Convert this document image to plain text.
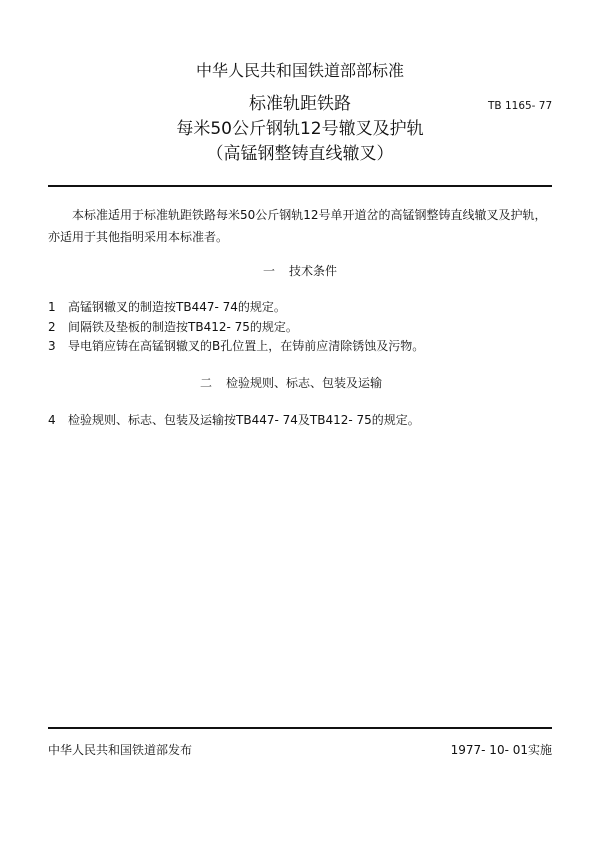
中华人民共和国铁道部部标准
标准轨距铁路
每米50公斤钢轨12号辙叉及护轨
（高锰钢整铸直线辙叉）
TB 1165- 77
本标准适用于标准轨距铁路每米50公斤钢轨12号单开道岔的高锰钢整铸直线辙叉及护轨，
亦适用于其他指明采用本标准者。
一 技术条件
1 高锰钢辙叉的制造按TB447- 74的规定。
2 间隔铁及垫板的制造按TB412- 75的规定。
3 导电销应铸在高锰钢辙叉的B孔位置上，在铸前应清除锈蚀及污物。
二 检验规则、标志、包装及运输
4 检验规则、标志、包装及运输按TB447- 74及TB412- 75的规定。
中华人民共和国铁道部发布	1977- 10- 01实施
